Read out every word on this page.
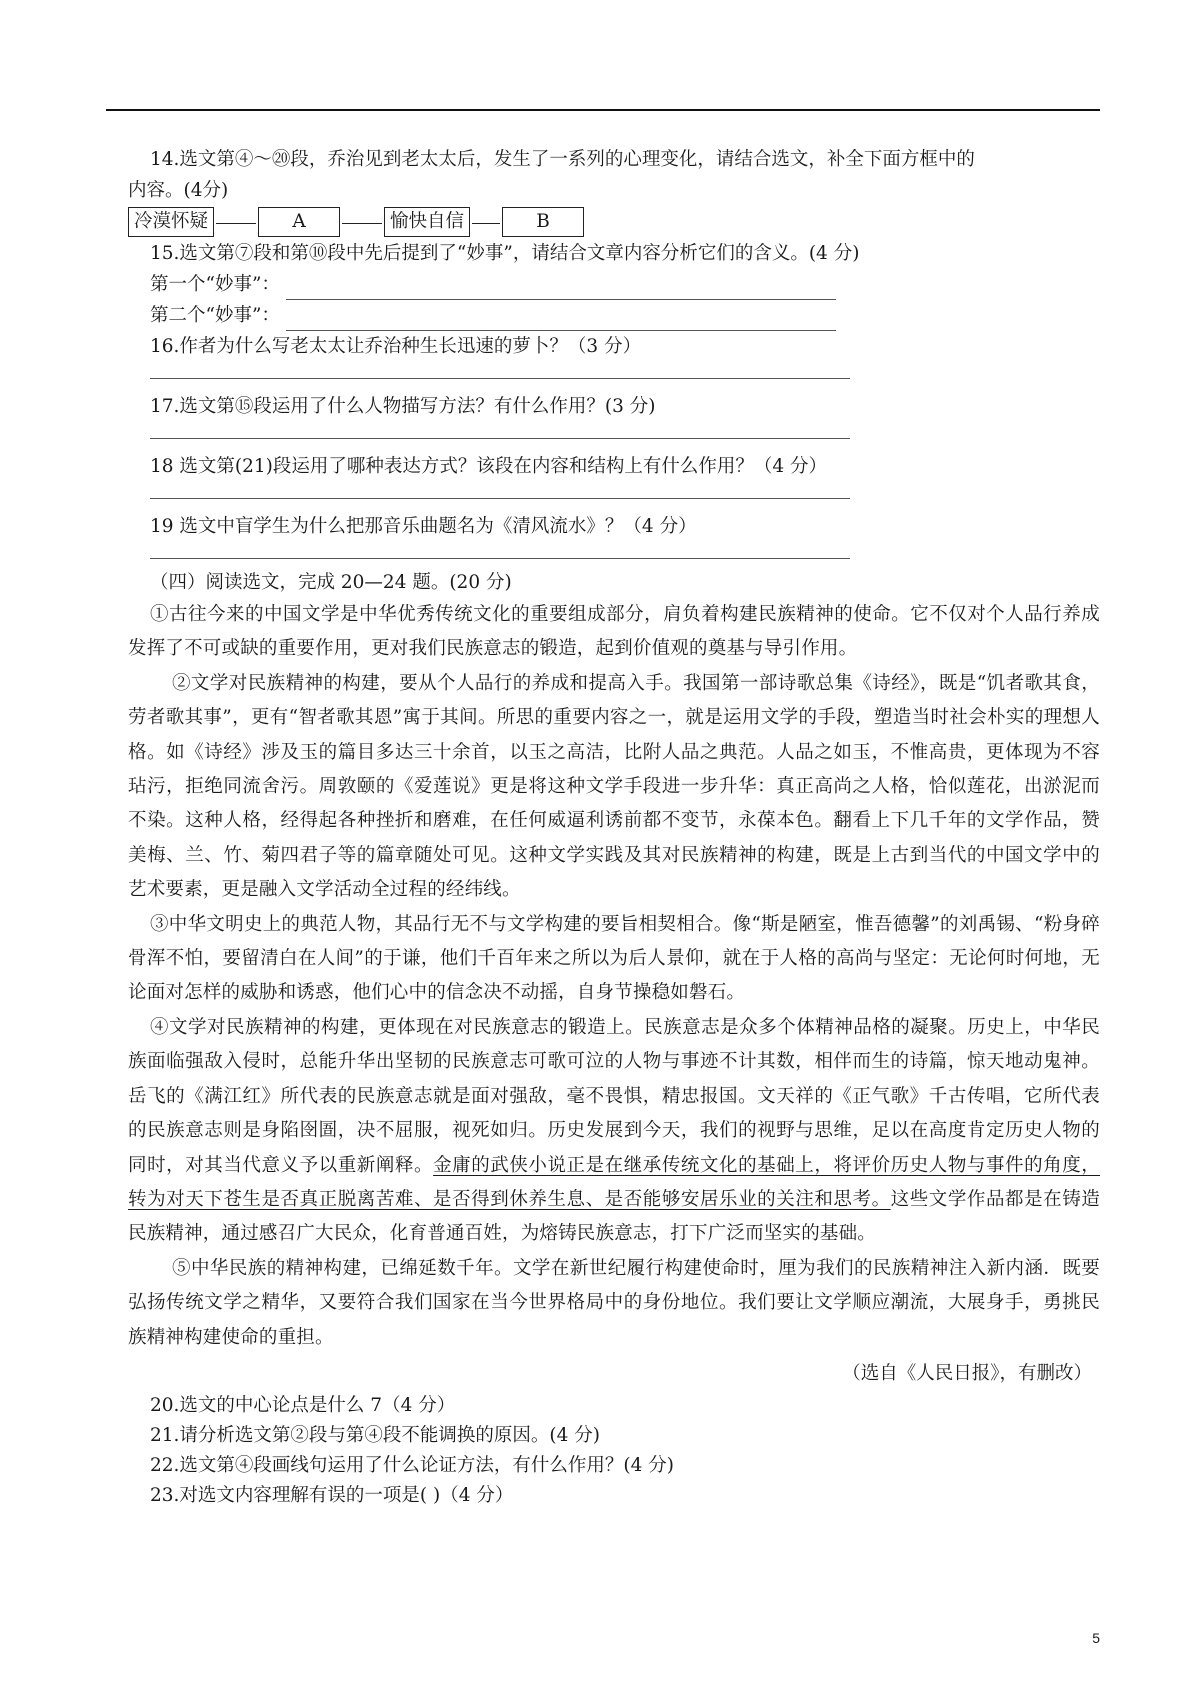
14.选文第④～⑳段，乔治见到老太太后，发生了一系列的心理变化，请结合选文，补全下面方框中的
内容。(4分)
冷漠怀疑	A	愉快自信	B
15.选文第⑦段和第⑩段中先后提到了“妙事”，请结合文章内容分析它们的含义。(4 分)
第一个“妙事”：
第二个“妙事”：
16.作者为什么写老太太让乔治种生长迅速的萝卜？（3 分）
17.选文第⑮段运用了什么人物描写方法？有什么作用？(3 分)
18 选文第(21)段运用了哪种表达方式？该段在内容和结构上有什么作用？（4 分）
19 选文中盲学生为什么把那音乐曲题名为《清风流水》？（4 分）
（四）阅读选文，完成 20—24 题。(20 分)
①古往今来的中国文学是中华优秀传统文化的重要组成部分，肩负着构建民族精神的使命。它不仅对个人品行养成发挥了不可或缺的重要作用，更对我们民族意志的锻造，起到价值观的奠基与导引作用。
②文学对民族精神的构建，要从个人品行的养成和提高入手。我国第一部诗歌总集《诗经》，既是“饥者歌其食，劳者歌其事”，更有“智者歌其恩”寓于其间。所思的重要内容之一，就是运用文学的手段，塑造当时社会朴实的理想人格。如《诗经》涉及玉的篇目多达三十余首，以玉之高洁，比附人品之典范。人品之如玉，不惟高贵，更体现为不容玷污，拒绝同流舍污。周敦颐的《爱莲说》更是将这种文学手段进一步升华：真正高尚之人格，恰似莲花，出淤泥而不染。这种人格，经得起各种挫折和磨难，在任何威逼利诱前都不变节，永葆本色。翻看上下几千年的文学作品，赞美梅、兰、竹、菊四君子等的篇章随处可见。这种文学实践及其对民族精神的构建，既是上古到当代的中国文学中的艺术要素，更是融入文学活动全过程的经纬线。
③中华文明史上的典范人物，其品行无不与文学构建的要旨相契相合。像“斯是陋室，惟吾德馨”的刘禹锡、“粉身碎骨浑不怕，要留清白在人间”的于谦，他们千百年来之所以为后人景仰，就在于人格的高尚与坚定：无论何时何地，无论面对怎样的威胁和诱惑，他们心中的信念决不动摇，自身节操稳如磐石。
④文学对民族精神的构建，更体现在对民族意志的锻造上。民族意志是众多个体精神品格的凝聚。历史上，中华民族面临强敌入侵时，总能升华出坚韧的民族意志可歌可泣的人物与事迹不计其数，相伴而生的诗篇，惊天地动鬼神。岳飞的《满江红》所代表的民族意志就是面对强敌，毫不畏惧，精忠报国。文天祥的《正气歌》千古传唱，它所代表的民族意志则是身陷囹圄，决不屈服，视死如归。历史发展到今天，我们的视野与思维，足以在高度肯定历史人物的同时，对其当代意义予以重新阐释。金庸的武侠小说正是在继承传统文化的基础上，将评价历史人物与事件的角度，转为对天下苍生是否真正脱离苦难、是否得到休养生息、是否能够安居乐业的关注和思考。这些文学作品都是在铸造民族精神，通过感召广大民众，化育普通百姓，为熔铸民族意志，打下广泛而坚实的基础。
⑤中华民族的精神构建，已绵延数千年。文学在新世纪履行构建使命时，厘为我们的民族精神注入新内涵．既要弘扬传统文学之精华，又要符合我们国家在当今世界格局中的身份地位。我们要让文学顺应潮流，大展身手，勇挑民族精神构建使命的重担。
（选自《人民日报》，有删改）
20.选文的中心论点是什么 7（4 分）
21.请分析选文第②段与第④段不能调换的原因。(4 分)
22.选文第④段画线句运用了什么论证方法，有什么作用？(4 分)
23.对选文内容理解有误的一项是( )（4 分）
5
